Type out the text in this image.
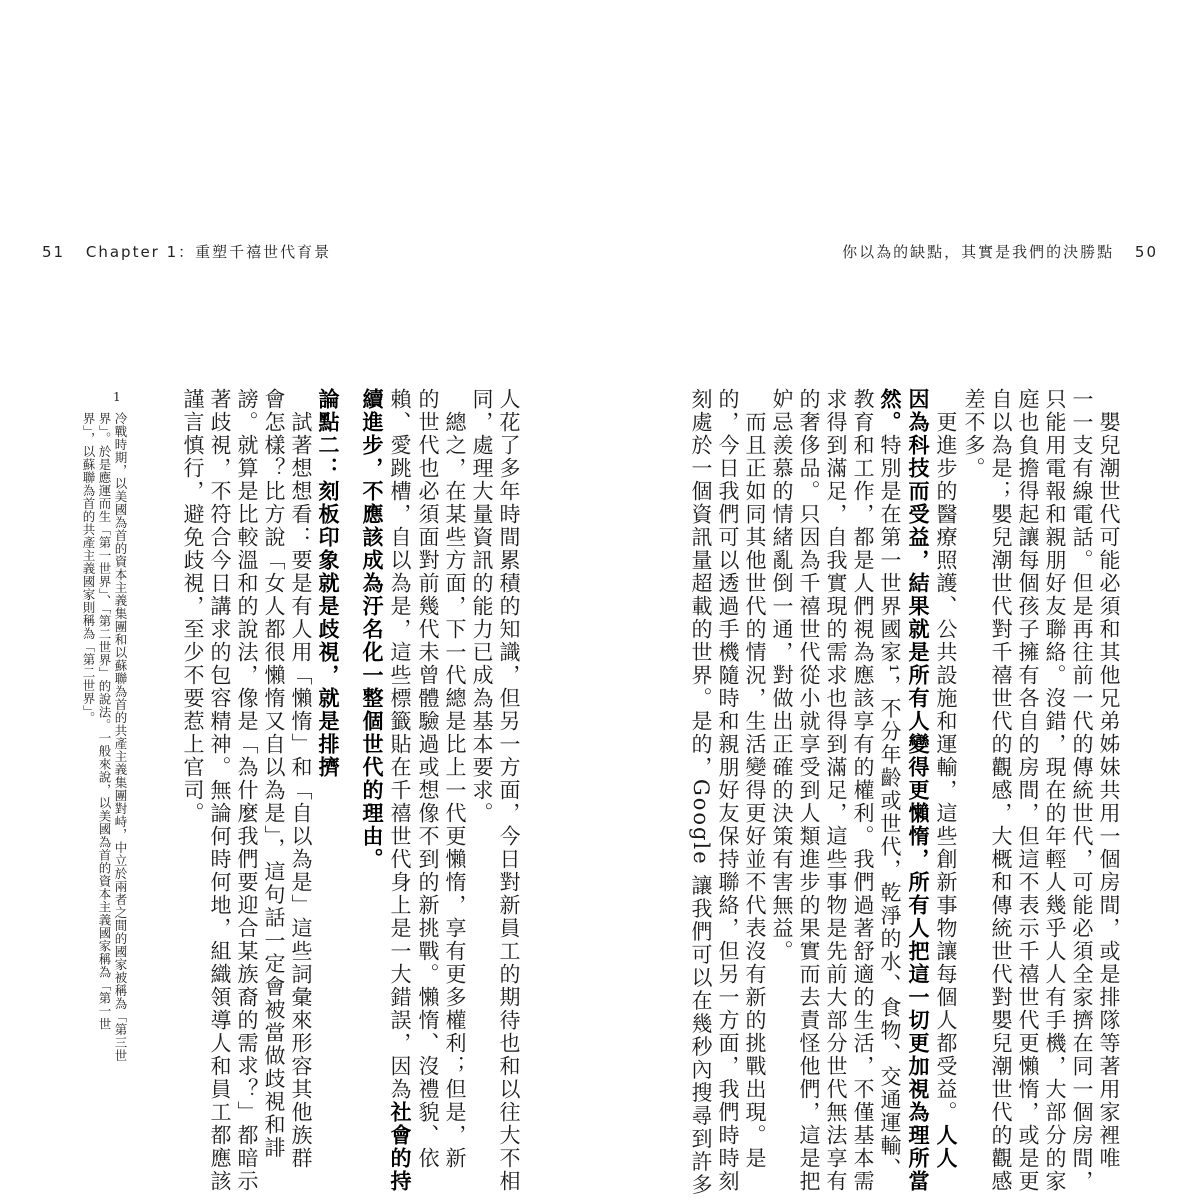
51 Chapter 1：重塑千禧世代育景	你以為的缺點，其實是我們的決勝點 50
嬰兒潮世代可能必須和其他兄弟姊妹共用一個房間，或是排隊等著用家裡唯
一一支有線電話。但是再往前一代的傳統世代，可能必須全家擠在同一個房間，
只能用電報和親朋好友聯絡。沒錯，現在的年輕人幾乎人人有手機，大部分的家
庭也負擔得起讓每個孩子擁有各自的房間，但這不表示千禧世代更懶惰，或是更
自以為是；嬰兒潮世代對千禧世代的觀感，大概和傳統世代對嬰兒潮世代的觀感
差不多。
更進步的醫療照護、公共設施和運輸，這些創新事物讓每個人都受益。人人
因為科技而受益，結果就是所有人變得更懶惰，所有人把這一切更加視為理所當
然。特別是在第一世界國家¹，不分年齡或世代，乾淨的水、食物、交通運輸、
教育和工作，都是人們視為應該享有的權利。我們過著舒適的生活，不僅基本需
求得到滿足，自我實現的需求也得到滿足，這些事物是先前大部分世代無法享有
的奢侈品。只因為千禧世代從小就享受到人類進步的果實而去責怪他們，這是把
妒忌羨慕的情緒亂倒一通，對做出正確的決策有害無益。
而且正如同其他世代的情況，生活變得更好並不代表沒有新的挑戰出現。是
的，今日我們可以透過手機隨時和親朋好友保持聯絡，但另一方面，我們時時刻
刻處於一個資訊量超載的世界。是的，Google 讓我們可以在幾秒內搜尋到許多
人花了多年時間累積的知識，但另一方面，今日對新員工的期待也和以往大不相
同，處理大量資訊的能力已成為基本要求。
總之，在某些方面，下一代總是比上一代更懶惰，享有更多權利；但是，新
的世代也必須面對前幾代未曾體驗過或想像不到的新挑戰。懶惰、沒禮貌、依
賴、愛跳槽，自以為是，這些標籤貼在千禧世代身上是一大錯誤，因為社會的持
續進步，不應該成為汙名化一整個世代的理由。
論點二：刻板印象就是歧視，就是排擠
試著想想看：要是有人用「懶惰」和「自以為是」這些詞彙來形容其他族群
會怎樣？比方說「女人都很懶惰又自以為是」，這句話一定會被當做歧視和誹
謗。就算是比較溫和的說法，像是「為什麼我們要迎合某族裔的需求？」都暗示
著歧視，不符合今日講求的包容精神。無論何時何地，組織領導人和員工都應該
謹言慎行，避免歧視，至少不要惹上官司。
1
冷戰時期，以美國為首的資本主義集團和以蘇聯為首的共產主義集團對峙，中立於兩者之間的國家被稱為「第三世
界」。於是應運而生「第一世界」、「第二世界」的說法。一般來說，以美國為首的資本主義國家稱為「第一世
界」，以蘇聯為首的共產主義國家則稱為「第二世界」。
